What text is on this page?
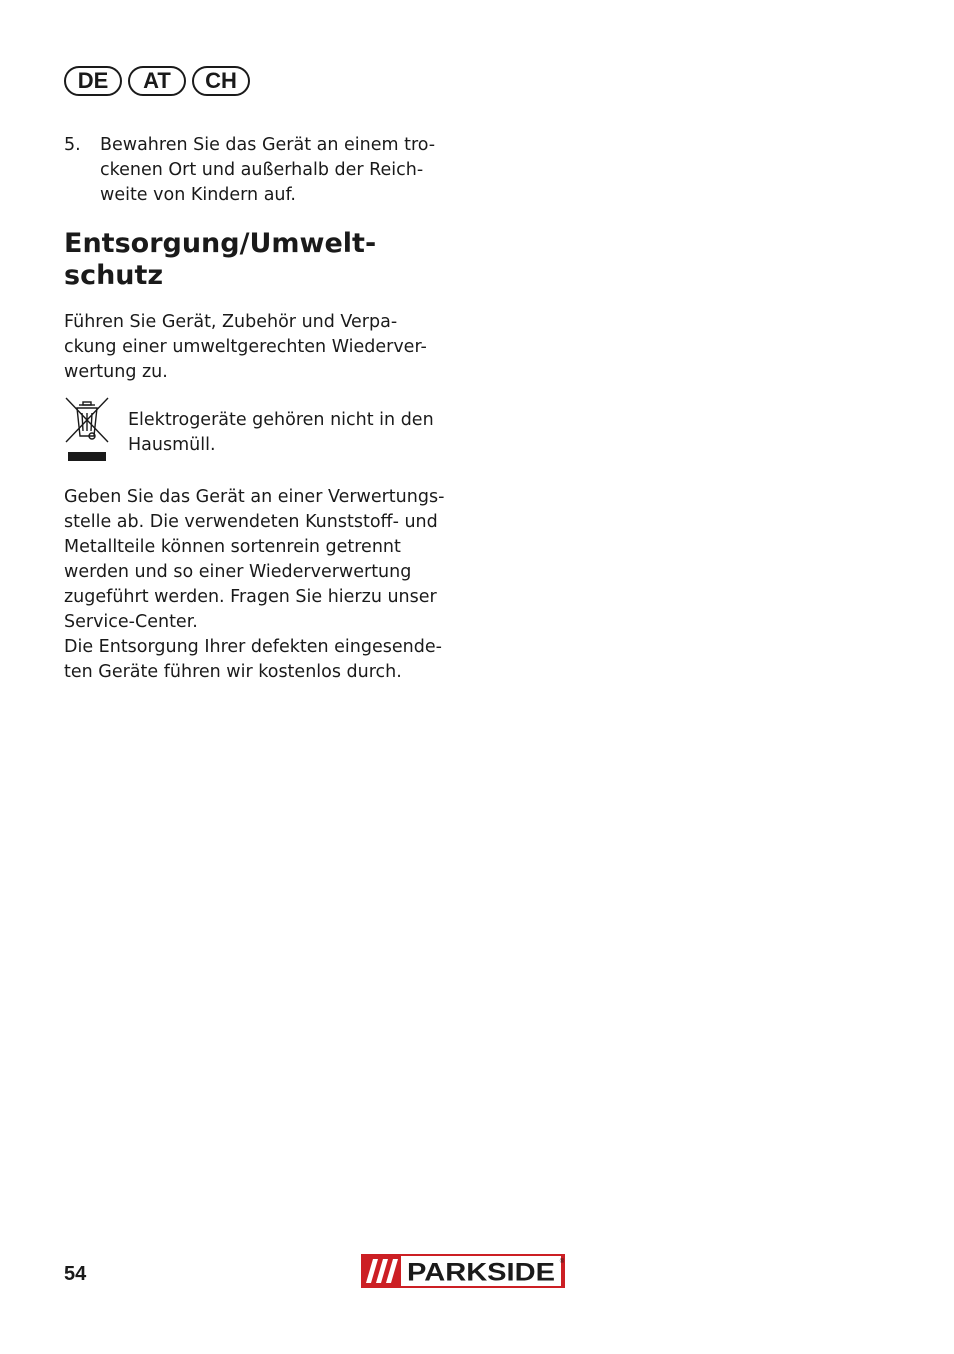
DE	AT	CH
5.	Bewahren Sie das Gerät an einem tro-
ckenen Ort und außerhalb der Reich-
weite von Kindern auf.
Entsorgung/Umwelt-
schutz

Führen Sie Gerät, Zubehör und Verpa-
ckung einer umweltgerechten Wiederver-
wertung zu.

Elektrogeräte gehören nicht in den
Hausmüll.

Geben Sie das Gerät an einer Verwertungs-
stelle ab. Die verwendeten Kunststoff- und
Metallteile können sortenrein getrennt
werden und so einer Wiederverwertung
zugeführt werden. Fragen Sie hierzu unser
Service-Center.
Die Entsorgung Ihrer defekten eingesende-
ten Geräte führen wir kostenlos durch.

54	PARKSIDE ®
